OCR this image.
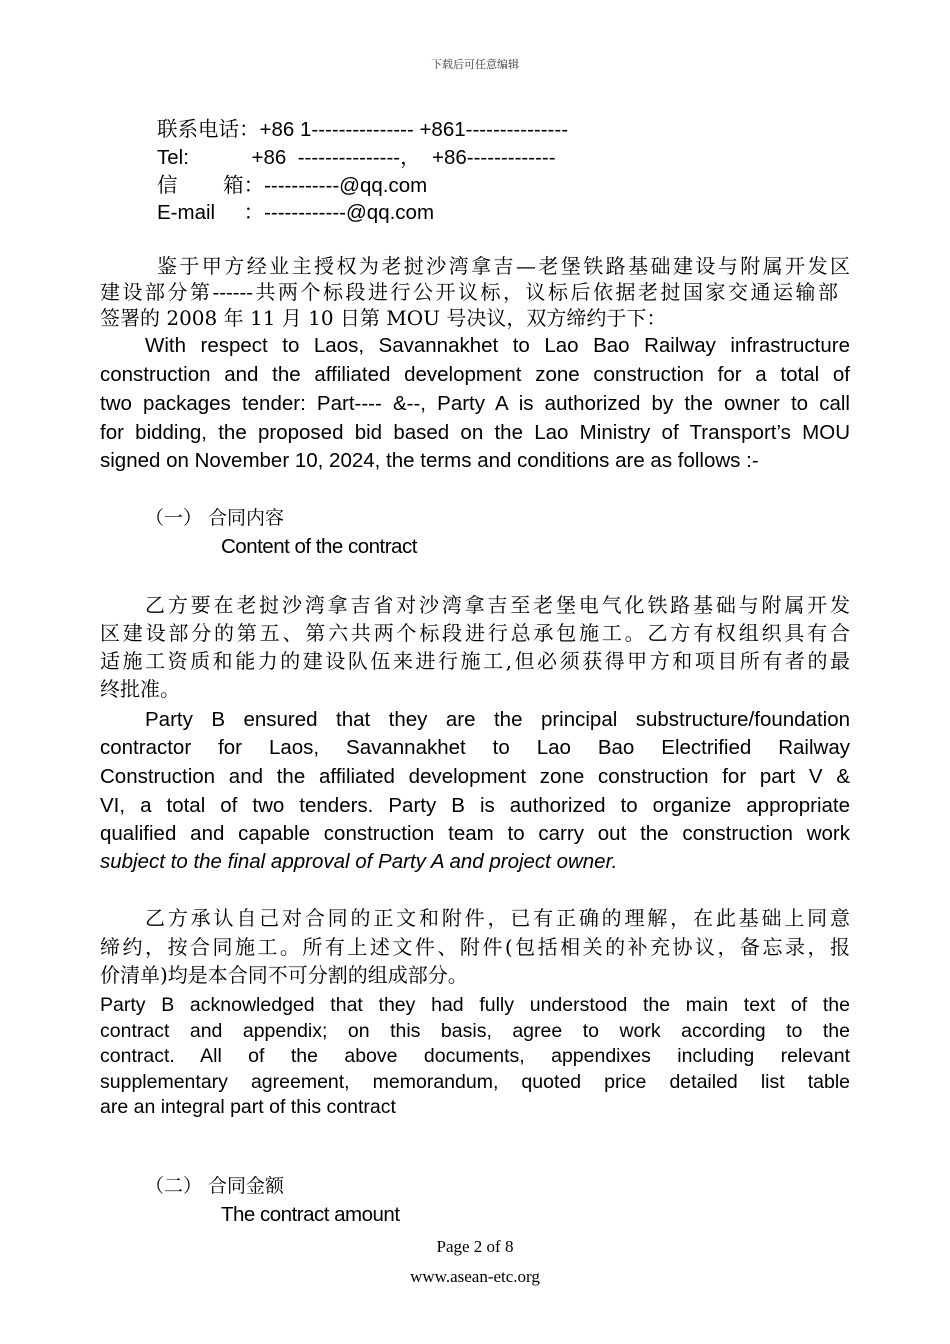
下载后可任意编辑
联系电话：+86 1--------------- +861---------------
Tel:           +86  ---------------，  +86-------------
信        箱：-----------@qq.com
E-mail     ：------------@qq.com
鉴于甲方经业主授权为老挝沙湾拿吉—老堡铁路基础建设与附属开发区
建设部分第------共两个标段进行公开议标，议标后依据老挝国家交通运输部
签署的 2008 年 11 月 10 日第 MOU 号决议，双方缔约于下：
With respect to Laos, Savannakhet to Lao Bao Railway infrastructure
construction and the affiliated development zone construction for a total of
two packages tender: Part---- &--, Party A is authorized by the owner to call
for bidding, the proposed bid based on the Lao Ministry of Transport’s MOU
signed on November 10, 2024, the terms and conditions are as follows :-
（一） 合同内容
Content of the contract
乙方要在老挝沙湾拿吉省对沙湾拿吉至老堡电气化铁路基础与附属开发
区建设部分的第五、第六共两个标段进行总承包施工。乙方有权组织具有合
适施工资质和能力的建设队伍来进行施工,但必须获得甲方和项目所有者的最
终批准。
Party B ensured that they are the principal substructure/foundation
contractor for Laos, Savannakhet to Lao Bao Electrified Railway
Construction and the affiliated development zone construction for part V &
VI, a total of two tenders. Party B is authorized to organize appropriate
qualified and capable construction team to carry out the construction work
subject to the final approval of Party A and project owner.
乙方承认自己对合同的正文和附件，已有正确的理解，在此基础上同意
缔约，按合同施工。所有上述文件、附件(包括相关的补充协议，备忘录，报
价清单)均是本合同不可分割的组成部分。
Party B acknowledged that they had fully understood the main text of the
contract and appendix; on this basis, agree to work according to the
contract. All of the above documents, appendixes including relevant
supplementary agreement, memorandum, quoted price detailed list table
are an integral part of this contract
（二） 合同金额
The contract amount
Page 2 of 8
www.asean-etc.org
